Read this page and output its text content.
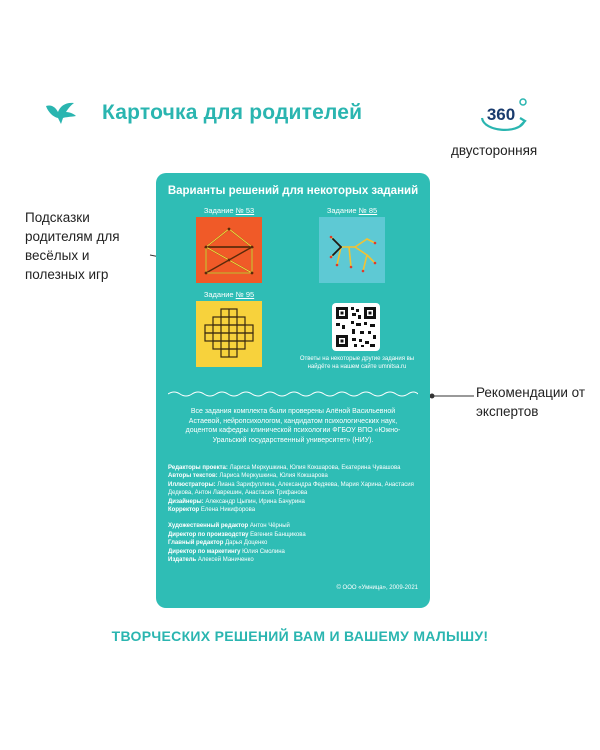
Карточка для родителей	360
двусторонняя
Подсказки родителям для весёлых и полезных игр
Рекомендации от экспертов
Варианты решений для некоторых заданий
Задание № 53	Задание № 85
Задание № 95
Ответы на некоторые другие задания вы найдёте на нашем сайте umnitsa.ru
Все задания комплекта были проверены Алёной Васильевной Астаевой, нейропсихологом, кандидатом психологических наук, доцентом кафедры клинической психологии ФГБОУ ВПО «Южно-Уральский государственный университет» (НИУ).
Редакторы проекта: Лариса Меркушкина, Юлия Кокшарова, Екатерина Чувашова
Авторы текстов: Лариса Меркушкина, Юлия Кокшарова
Иллюстраторы: Лиана Зарифуллина, Александра Федяева, Мария Харина, Анастасия Дедкова, Антон Лаврешин, Анастасия Трифанова
Дизайнеры: Александр Цыпин, Ирина Бачурина
Корректор Елена Никифорова
Художественный редактор Антон Чёрный
Директор по производству Евгения Банщикова
Главный редактор Дарья Доценко
Директор по маркетингу Юлия Смолина
Издатель Алексей Маниченко
© ООО «Умница», 2009-2021
ТВОРЧЕСКИХ РЕШЕНИЙ ВАМ И ВАШЕМУ МАЛЫШУ!
